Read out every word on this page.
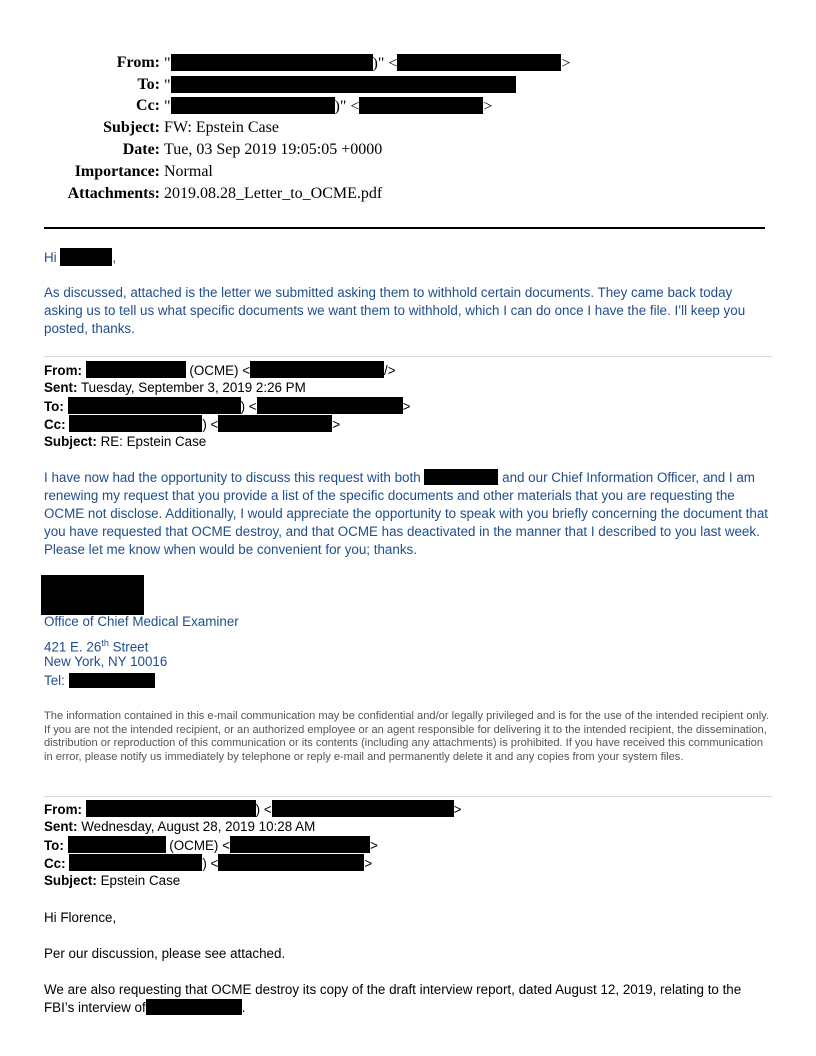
From: "	)" <	>
To: "
Cc: "	)" <	>
Subject: FW: Epstein Case
Date: Tue, 03 Sep 2019 19:05:05 +0000
Importance: Normal
Attachments: 2019.08.28_Letter_to_OCME.pdf
Hi	,
As discussed, attached is the letter we submitted asking them to withhold certain documents. They came back today asking us to tell us what specific documents we want them to withhold, which I can do once I have the file. I’ll keep you posted, thanks.
From:	(OCME) <	/>
Sent: Tuesday, September 3, 2019 2:26 PM
To:	) <	>
Cc:	) <	>
Subject: RE: Epstein Case
I have now had the opportunity to discuss this request with both	and our Chief Information Officer, and I am renewing my request that you provide a list of the specific documents and other materials that you are requesting the OCME not disclose. Additionally, I would appreciate the opportunity to speak with you briefly concerning the document that you have requested that OCME destroy, and that OCME has deactivated in the manner that I described to you last week. Please let me know when would be convenient for you; thanks.
Office of Chief Medical Examiner
421 E. 26th Street
New York, NY 10016
Tel:
The information contained in this e-mail communication may be confidential and/or legally privileged and is for the use of the intended recipient only. If you are not the intended recipient, or an authorized employee or an agent responsible for delivering it to the intended recipient, the dissemination, distribution or reproduction of this communication or its contents (including any attachments) is prohibited. If you have received this communication in error, please notify us immediately by telephone or reply e-mail and permanently delete it and any copies from your system files.
From:	) <	>
Sent: Wednesday, August 28, 2019 10:28 AM
To:	(OCME) <	>
Cc:	) <	>
Subject: Epstein Case
Hi Florence,
Per our discussion, please see attached.
We are also requesting that OCME destroy its copy of the draft interview report, dated August 12, 2019, relating to the FBI’s interview of	.
